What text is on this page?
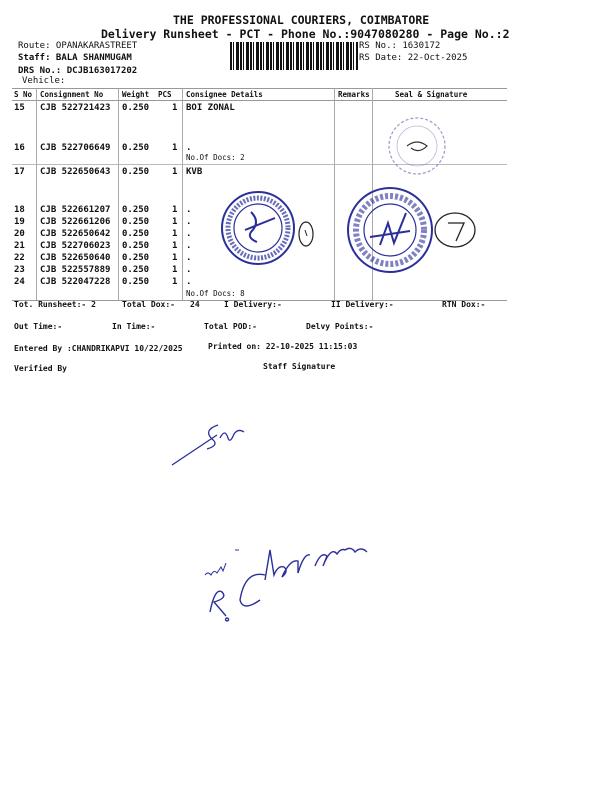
THE PROFESSIONAL COURIERS, COIMBATORE
Delivery Runsheet - PCT - Phone No.:9047080280 - Page No.:2
Route: OPANAKARASTREET
Staff: BALA SHANMUGAM
DRS No.: DCJB163017202
Vehicle:
RS No.: 1630172
RS Date: 22-Oct-2025
S No Consignment No	Weight PCS Consignee Details	Remarks	Seal & Signature
15 CJB 522721423 0.250	1 BOI ZONAL
16 CJB 522706649 0.250	1 .
17 CJB 522650643 0.250	1 KVB
18 CJB 522661207 0.250	1 .
19 CJB 522661206 0.250	1 .
20 CJB 522650642 0.250	1 .
21 CJB 522706023 0.250	1 .
22 CJB 522650640 0.250	1 .
23 CJB 522557889 0.250	1 .
24 CJB 522047228 0.250	1 .
No.Of Docs: 2
No.Of Docs: 8
Tot. Runsheet:- 2	Total Dox:- 24	I Delivery:-	II Delivery:-	RTN Dox:-
Out Time:-	In Time:-	Total POD:-	Delvy Points:-
Entered By :CHANDRIKAPVI 10/22/2025	Printed on: 22-10-2025 11:15:03
Verified By	Staff Signature
